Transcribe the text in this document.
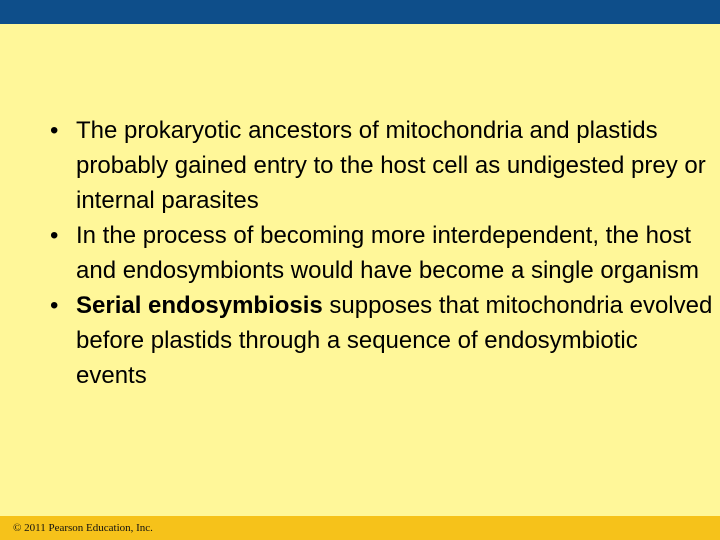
• The prokaryotic ancestors of mitochondria and plastids probably gained entry to the host cell as undigested prey or internal parasites

• In the process of becoming more interdependent, the host and endosymbionts would have become a single organism

• Serial endosymbiosis supposes that mitochondria evolved before plastids through a sequence of endosymbiotic events

© 2011 Pearson Education, Inc.
